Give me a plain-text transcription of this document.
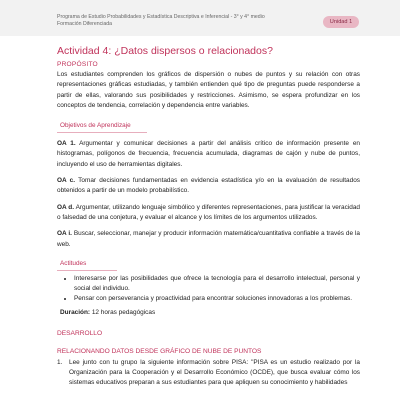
Programa de Estudio Probabilidades y Estadística Descriptiva e Inferencial - 3° y 4° medio
Formación Diferenciada	Unidad 1
Actividad 4: ¿Datos dispersos o relacionados?
PROPÓSITO

Los estudiantes comprenden los gráficos de dispersión o nubes de puntos y su relación con otras representaciones gráficas estudiadas, y también entienden qué tipo de preguntas puede responderse a partir de ellas, valorando sus posibilidades y restricciones. Asimismo, se espera profundizar en los conceptos de tendencia, correlación y dependencia entre variables.

Objetivos de Aprendizaje

OA 1. Argumentar y comunicar decisiones a partir del análisis crítico de información presente en histogramas, polígonos de frecuencia, frecuencia acumulada, diagramas de cajón y nube de puntos, incluyendo el uso de herramientas digitales.

OA c. Tomar decisiones fundamentadas en evidencia estadística y/o en la evaluación de resultados obtenidos a partir de un modelo probabilístico.

OA d. Argumentar, utilizando lenguaje simbólico y diferentes representaciones, para justificar la veracidad o falsedad de una conjetura, y evaluar el alcance y los límites de los argumentos utilizados.

OA i. Buscar, seleccionar, manejar y producir información matemática/cuantitativa confiable a través de la web.

Actitudes
• Interesarse por las posibilidades que ofrece la tecnología para el desarrollo intelectual, personal y social del individuo.
• Pensar con perseverancia y proactividad para encontrar soluciones innovadoras a los problemas.
Duración: 12 horas pedagógicas
DESARROLLO
RELACIONANDO DATOS DESDE GRÁFICO DE NUBE DE PUNTOS
1.	Lee junto con tu grupo la siguiente información sobre PISA: "PISA es un estudio realizado por la Organización para la Cooperación y el Desarrollo Económico (OCDE), que busca evaluar cómo los sistemas educativos preparan a sus estudiantes para que apliquen su conocimiento y habilidades
